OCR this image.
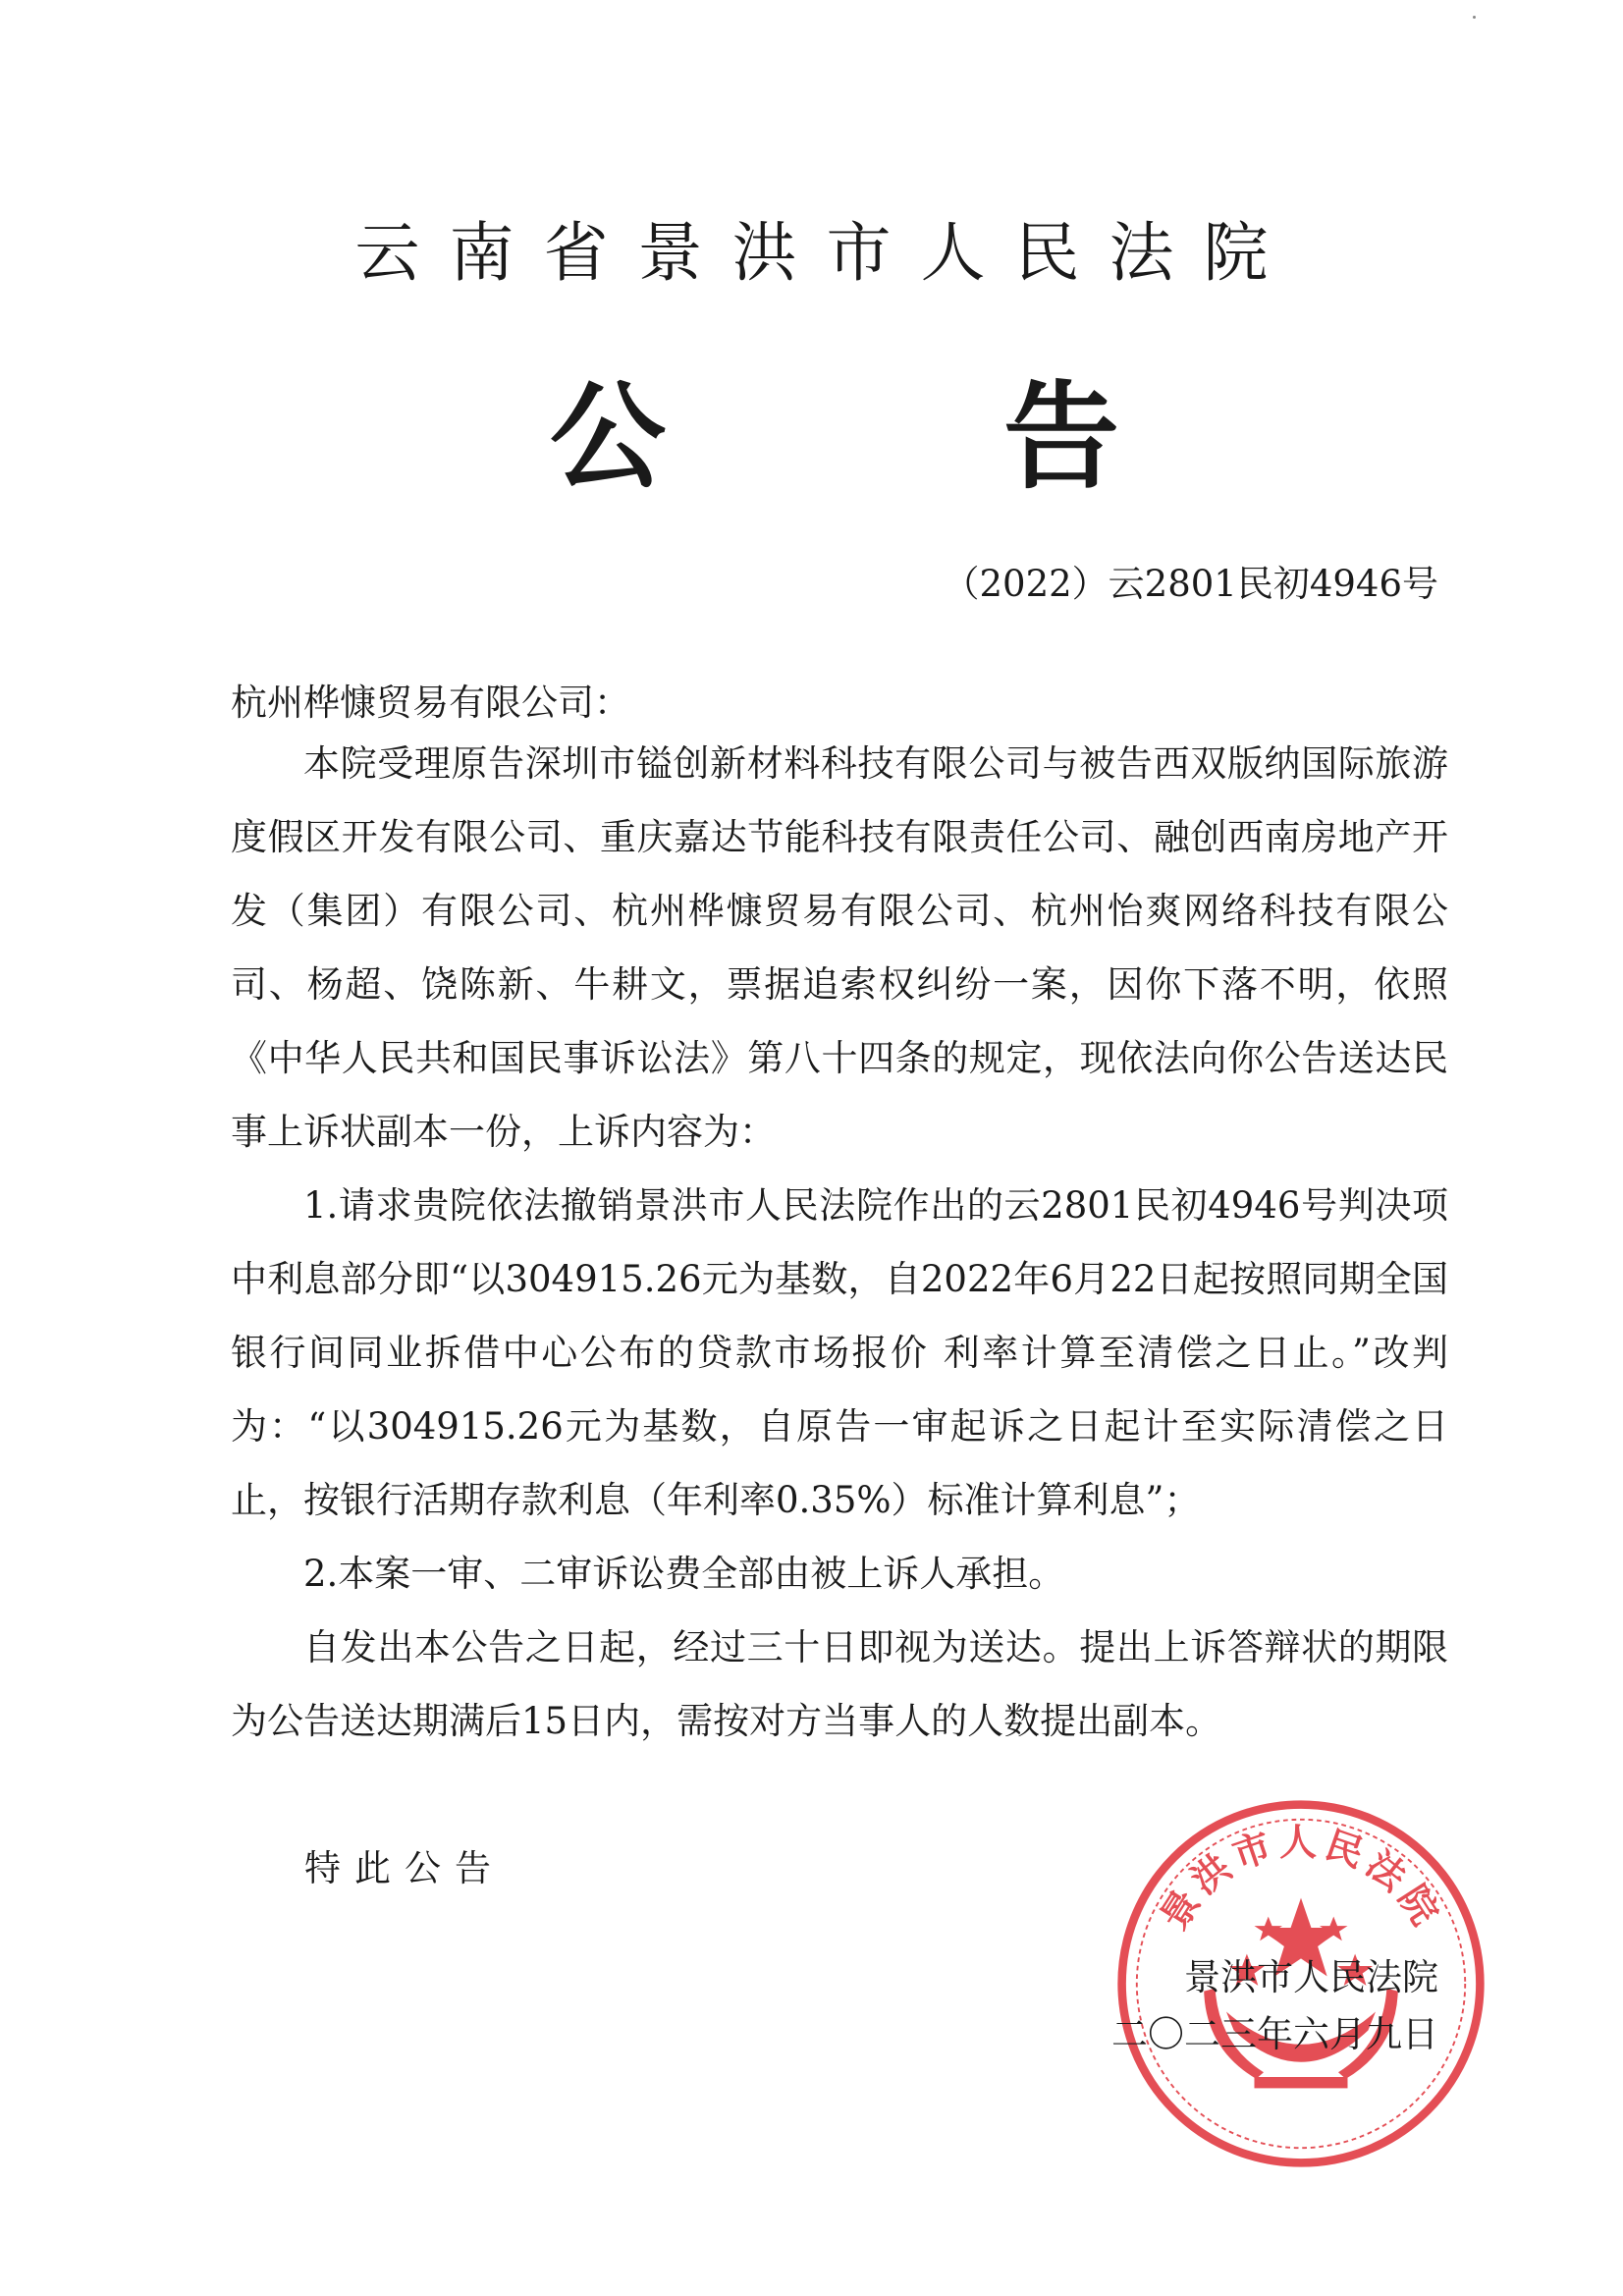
云南省景洪市人民法院
公	告
（2022）云2801民初4946号
杭州桦慷贸易有限公司：

本院受理原告深圳市镒创新材料科技有限公司与被告西双版纳国际旅游度假区开发有限公司、重庆嘉达节能科技有限责任公司、融创西南房地产开发（集团）有限公司、杭州桦慷贸易有限公司、杭州怡爽网络科技有限公司、杨超、饶陈新、牛耕文，票据追索权纠纷一案，因你下落不明，依照《中华人民共和国民事诉讼法》第八十四条的规定，现依法向你公告送达民事上诉状副本一份，上诉内容为：

1.请求贵院依法撤销景洪市人民法院作出的云2801民初4946号判决项中利息部分即“以304915.26元为基数，自2022年6月22日起按照同期全国银行间同业拆借中心公布的贷款市场报价 利率计算至清偿之日止。”改判为：“以304915.26元为基数，自原告一审起诉之日起计至实际清偿之日止，按银行活期存款利息（年利率0.35%）标准计算利息”；

2.本案一审、二审诉讼费全部由被上诉人承担。

自发出本公告之日起，经过三十日即视为送达。提出上诉答辩状的期限为公告送达期满后15日内，需按对方当事人的人数提出副本。

特此公告
景洪市人民法院
景洪市人民法院
二〇二三年六月九日
